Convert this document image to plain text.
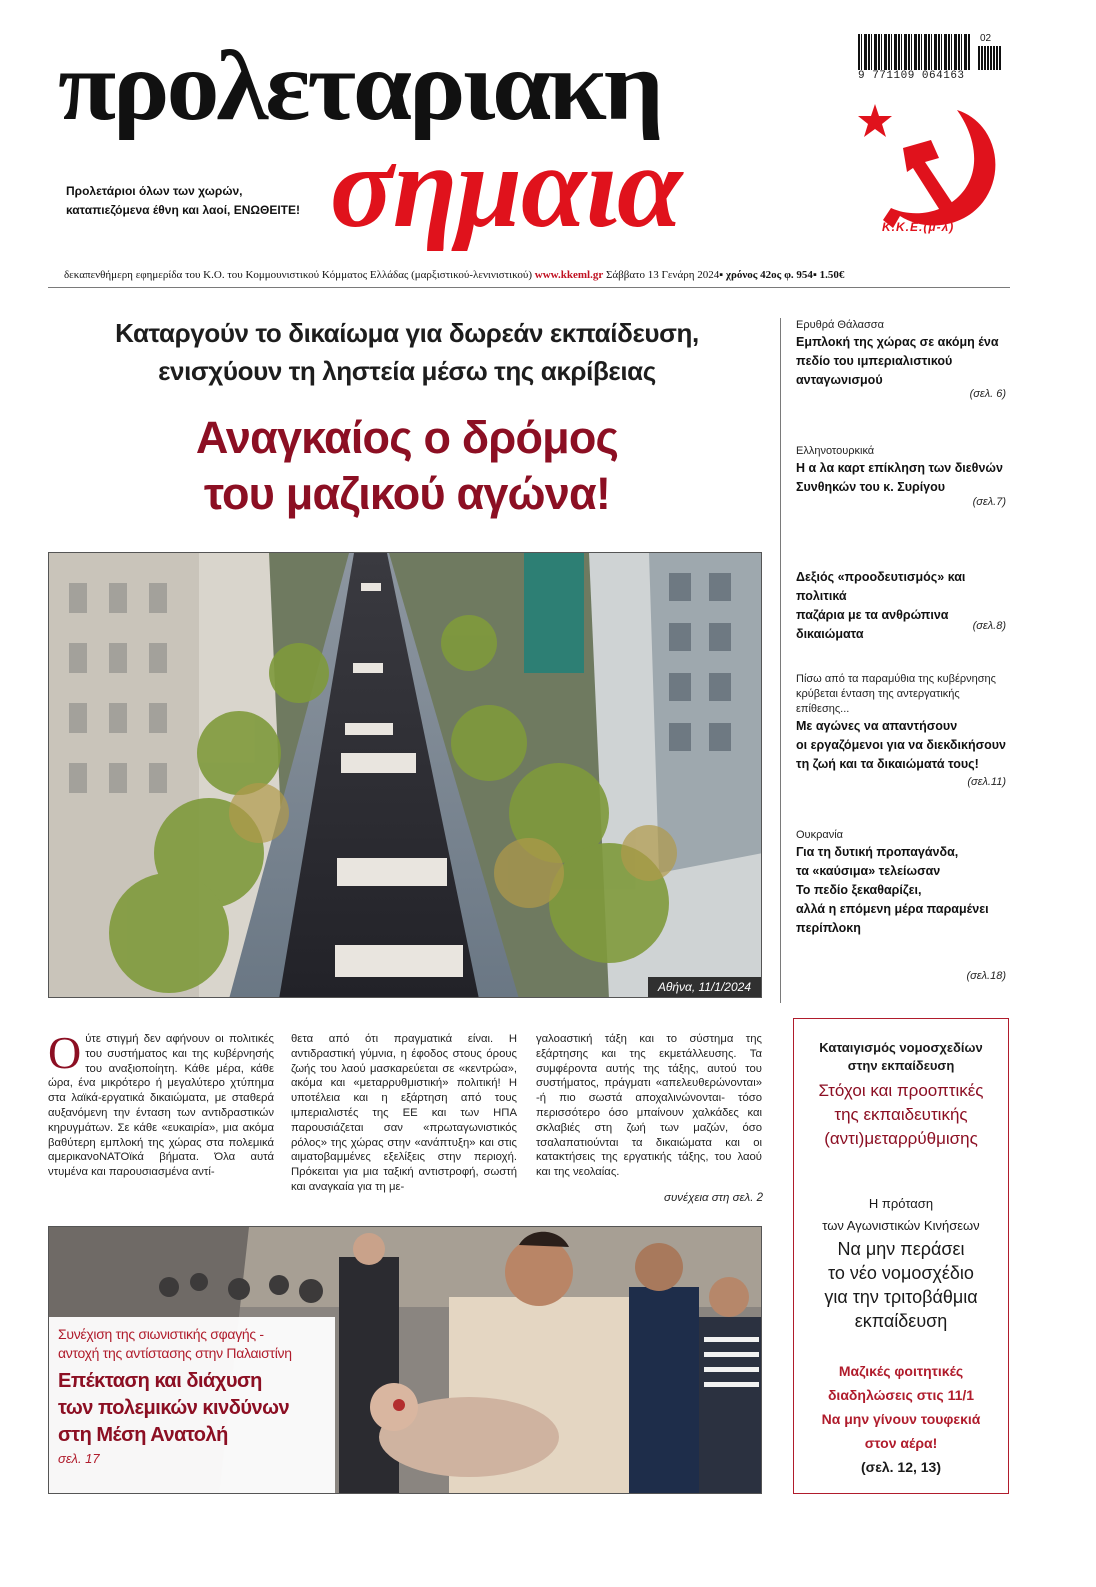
προλεταριακη
σημαια
Προλετάριοι όλων των χωρών,
καταπιεζόμενα έθνη και λαοί, ΕΝΩΘΕΙΤΕ!
02
9 771109 064163
Κ.Κ.Ε.(μ-λ)
δεκαπενθήμερη εφημερίδα του Κ.Ο. του Κομμουνιστικού Κόμματος Ελλάδας (μαρξιστικού-λενινιστικού) www.kkeml.gr Σάββατο 13 Γενάρη 2024▪ χρόνος 42ος φ. 954▪ 1.50€
Καταργούν το δικαίωμα για δωρεάν εκπαίδευση,
ενισχύουν τη ληστεία μέσω της ακρίβειας
Αναγκαίος ο δρόμος
του μαζικού αγώνα!
Αθήνα, 11/1/2024
Ούτε στιγμή δεν αφήνουν οι πολιτικές του συστήματος και της κυβέρνησής του αναξιοποίητη. Κάθε μέρα, κάθε ώρα, ένα μικρότερο ή μεγαλύτερο χτύπημα στα λαϊκά-εργατικά δικαιώματα, με σταθερά αυξανόμενη την ένταση των αντιδραστικών κηρυγμάτων. Σε κάθε «ευκαιρία», μια ακόμα βαθύτερη εμπλοκή της χώρας στα πολεμικά αμερικανοΝΑΤΟϊκά βήματα. Όλα αυτά ντυμένα και παρουσιασμένα αντί-
θετα από ότι πραγματικά είναι. Η αντιδραστική γύμνια, η έφοδος στους όρους ζωής του λαού μασκαρεύεται σε «κεντρώα», ακόμα και «μεταρρυθμιστική» πολιτική! Η υποτέλεια και η εξάρτηση από τους ιμπεριαλιστές της ΕΕ και των ΗΠΑ παρουσιάζεται σαν «πρωταγωνιστικός ρόλος» της χώρας στην «ανάπτυξη» και στις αιματοβαμμένες εξελίξεις στην περιοχή. Πρόκειται για μια ταξική αντιστροφή, σωστή και αναγκαία για τη με-
γαλοαστική τάξη και το σύστημα της εξάρτησης και της εκμετάλλευσης. Τα συμφέροντα αυτής της τάξης, αυτού του συστήματος, πράγματι «απελευθερώνονται» -ή πιο σωστά αποχαλινώνονται- τόσο περισσότερο όσο μπαίνουν χαλκάδες και σκλαβιές στη ζωή των μαζών, όσο τσαλαπατιούνται τα δικαιώματα και οι κατακτήσεις της εργατικής τάξης, του λαού και της νεολαίας.
συνέχεια στη σελ. 2
Συνέχιση της σιωνιστικής σφαγής -
αντοχή της αντίστασης στην Παλαιστίνη
Επέκταση και διάχυση
των πολεμικών κινδύνων
στη Μέση Ανατολή
σελ. 17
Ερυθρά Θάλασσα
Εμπλοκή της χώρας σε ακόμη ένα
πεδίο του ιμπεριαλιστικού
ανταγωνισμού
(σελ. 6)
Ελληνοτουρκικά
Η α λα καρτ επίκληση των διεθνών
Συνθηκών του κ. Συρίγου
(σελ.7)
Δεξιός «προοδευτισμός» και πολιτικά
παζάρια με τα ανθρώπινα δικαιώματα
(σελ.8)
Πίσω από τα παραμύθια της κυβέρνησης
κρύβεται ένταση της αντεργατικής επίθεσης...
Με αγώνες να απαντήσουν
οι εργαζόμενοι για να διεκδικήσουν
τη ζωή και τα δικαιώματά τους!
(σελ.11)
Ουκρανία
Για τη δυτική προπαγάνδα,
τα «καύσιμα» τελείωσαν
Το πεδίο ξεκαθαρίζει,
αλλά η επόμενη μέρα παραμένει
περίπλοκη
(σελ.18)
Καταιγισμός νομοσχεδίων
στην εκπαίδευση
Στόχοι και προοπτικές
της εκπαιδευτικής
(αντι)μεταρρύθμισης
Η πρόταση
των Αγωνιστικών Κινήσεων
Να μην περάσει
το νέο νομοσχέδιο
για την τριτοβάθμια
εκπαίδευση
Μαζικές φοιτητικές
διαδηλώσεις στις 11/1
Να μην γίνουν τουφεκιά
στον αέρα!
(σελ. 12, 13)
